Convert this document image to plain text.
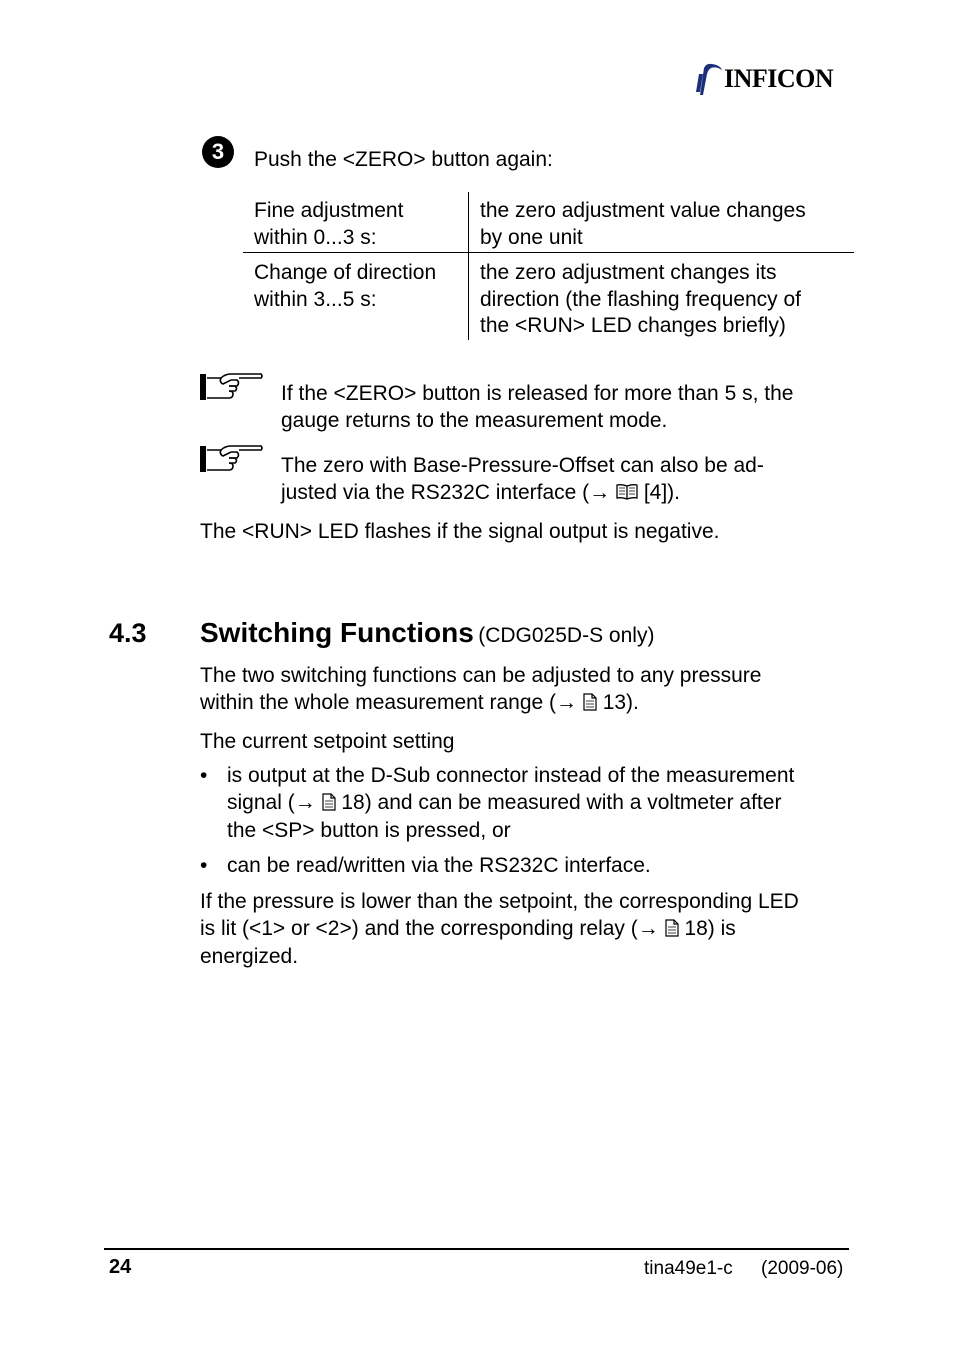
INFICON
3	Push the <ZERO> button again:
Fine adjustment
within 0...3 s:
the zero adjustment value changes
by one unit
Change of direction
within 3...5 s:
the zero adjustment changes its
direction (the flashing frequency of
the <RUN> LED changes briefly)
If the <ZERO> button is released for more than 5 s, the
gauge returns to the measurement mode.
The zero with Base-Pressure-Offset can also be ad-
justed via the RS232C interface (→  [4]).
The <RUN> LED flashes if the signal output is negative.
4.3 Switching Functions (CDG025D-S only)
The two switching functions can be adjusted to any pressure
within the whole measurement range (→  13).
The current setpoint setting
• is output at the D-Sub connector instead of the measurement
signal (→  18) and can be measured with a voltmeter after
the <SP> button is pressed, or
• can be read/written via the RS232C interface.
If the pressure is lower than the setpoint, the corresponding LED
is lit (<1> or <2>) and the corresponding relay (→  18) is
energized.
24	tina49e1-c (2009-06)
